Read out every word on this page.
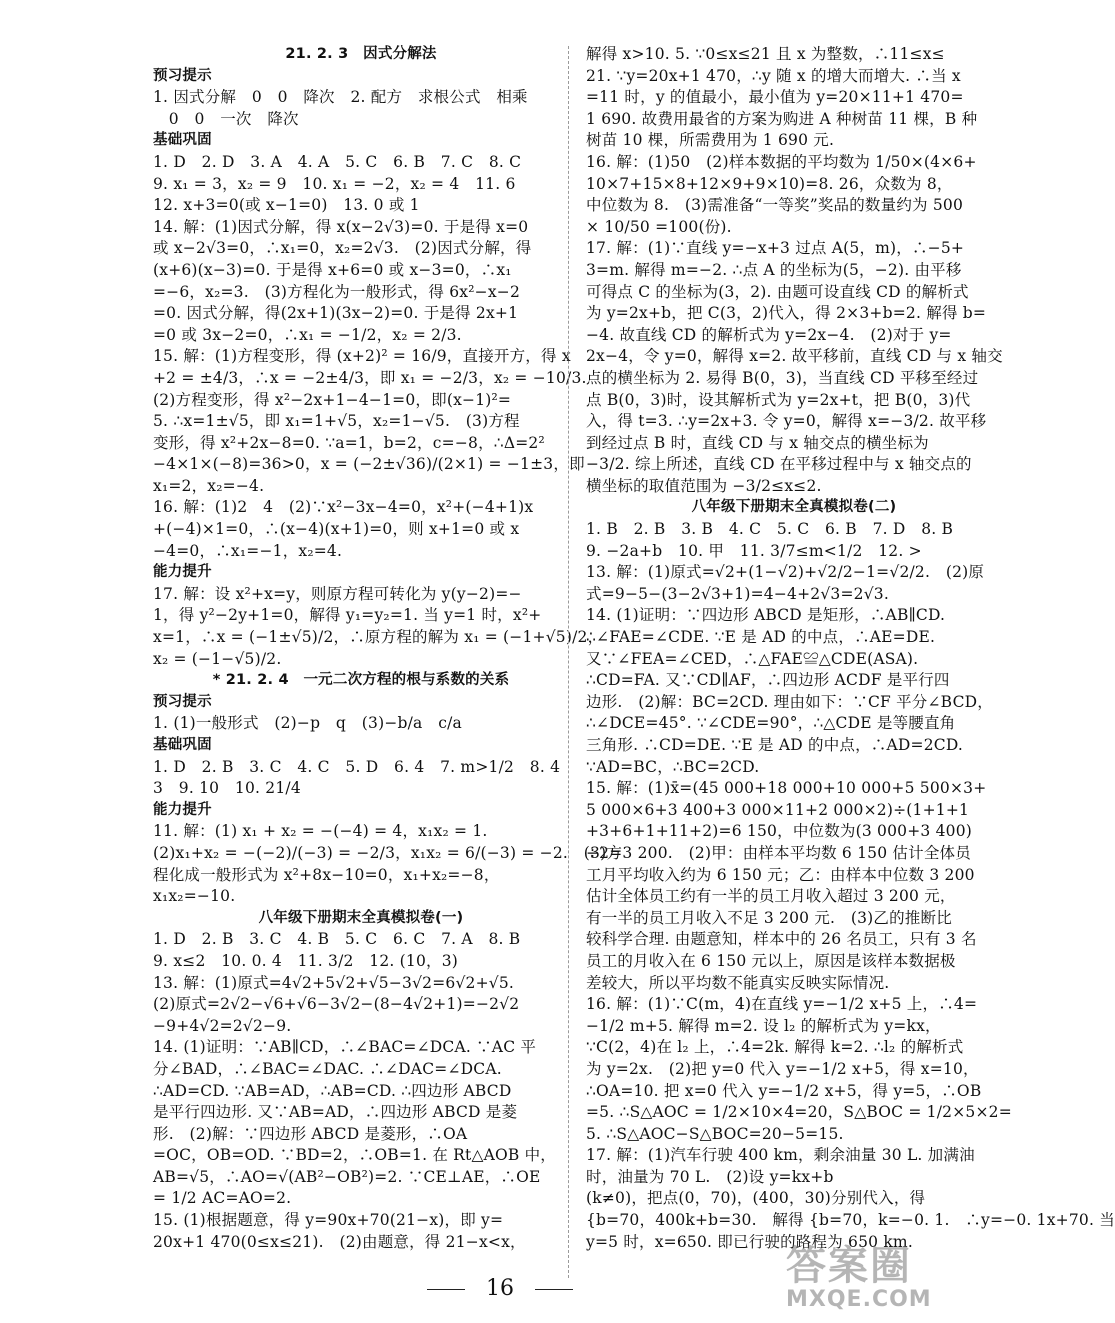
21. 2. 3　因式分解法
预习提示
1. 因式分解　0　0　降次　2. 配方　求根公式　相乘
　0　0　一次　降次
基础巩固
1. D　2. D　3. A　4. A　5. C　6. B　7. C　8. C
9. x₁ = 3，x₂ = 9　10. x₁ = −2，x₂ = 4　11. 6
12. x+3=0(或 x−1=0)　13. 0 或 1
14. 解：(1)因式分解，得 x(x−2√3)=0. 于是得 x=0
或 x−2√3=0，∴x₁=0，x₂=2√3.　(2)因式分解，得
(x+6)(x−3)=0. 于是得 x+6=0 或 x−3=0，∴x₁
=−6，x₂=3.　(3)方程化为一般形式，得 6x²−x−2
=0. 因式分解，得(2x+1)(3x−2)=0. 于是得 2x+1
=0 或 3x−2=0，∴x₁ = −1/2，x₂ = 2/3.
15. 解：(1)方程变形，得 (x+2)² = 16/9，直接开方，得 x
+2 = ±4/3，∴x = −2±4/3，即 x₁ = −2/3，x₂ = −10/3.
(2)方程变形，得 x²−2x+1−4−1=0，即(x−1)²=
5. ∴x=1±√5，即 x₁=1+√5，x₂=1−√5.　(3)方程
变形，得 x²+2x−8=0. ∵a=1，b=2，c=−8，∴Δ=2²
−4×1×(−8)=36>0，x = (−2±√36)/(2×1) = −1±3，即
x₁=2，x₂=−4.
16. 解：(1)2　4　(2)∵x²−3x−4=0，x²+(−4+1)x
+(−4)×1=0，∴(x−4)(x+1)=0，则 x+1=0 或 x
−4=0，∴x₁=−1，x₂=4.
能力提升
17. 解：设 x²+x=y，则原方程可转化为 y(y−2)=−
1，得 y²−2y+1=0，解得 y₁=y₂=1. 当 y=1 时，x²+
x=1，∴x = (−1±√5)/2，∴原方程的解为 x₁ = (−1+√5)/2，
x₂ = (−1−√5)/2.
* 21. 2. 4　一元二次方程的根与系数的关系
预习提示
1. (1)一般形式　(2)−p　q　(3)−b/a　c/a
基础巩固
1. D　2. B　3. C　4. C　5. D　6. 4　7. m>1/2　8. 4
3　9. 10　10. 21/4
能力提升
11. 解：(1) x₁ + x₂ = −(−4) = 4，x₁x₂ = 1.
(2)x₁+x₂ = −(−2)/(−3) = −2/3，x₁x₂ = 6/(−3) = −2.　(3)方
程化成一般形式为 x²+8x−10=0，x₁+x₂=−8，
x₁x₂=−10.
八年级下册期末全真模拟卷(一)
1. D　2. B　3. C　4. B　5. C　6. C　7. A　8. B
9. x≤2　10. 0. 4　11. 3/2　12. (10，3)
13. 解：(1)原式=4√2+5√2+√5−3√2=6√2+√5.
(2)原式=2√2−√6+√6−3√2−(8−4√2+1)=−2√2
−9+4√2=2√2−9.
14. (1)证明：∵AB∥CD，∴∠BAC=∠DCA. ∵AC 平
分∠BAD，∴∠BAC=∠DAC. ∴∠DAC=∠DCA.
∴AD=CD. ∵AB=AD，∴AB=CD. ∴四边形 ABCD
是平行四边形. 又∵AB=AD，∴四边形 ABCD 是菱
形.　(2)解：∵四边形 ABCD 是菱形，∴OA
=OC，OB=OD. ∵BD=2，∴OB=1. 在 Rt△AOB 中，
AB=√5，∴AO=√(AB²−OB²)=2. ∵CE⊥AE，∴OE
= 1/2 AC=AO=2.
15. (1)根据题意，得 y=90x+70(21−x)，即 y=
20x+1 470(0≤x≤21).　(2)由题意，得 21−x<x，
解得 x>10. 5. ∵0≤x≤21 且 x 为整数，∴11≤x≤
21. ∵y=20x+1 470，∴y 随 x 的增大而增大. ∴当 x
=11 时，y 的值最小，最小值为 y=20×11+1 470=
1 690. 故费用最省的方案为购进 A 种树苗 11 棵，B 种
树苗 10 棵，所需费用为 1 690 元.
16. 解：(1)50　(2)样本数据的平均数为 1/50×(4×6+
10×7+15×8+12×9+9×10)=8. 26，众数为 8，
中位数为 8.　(3)需准备“一等奖”奖品的数量约为 500
× 10/50 =100(份).
17. 解：(1)∵直线 y=−x+3 过点 A(5，m)，∴−5+
3=m. 解得 m=−2. ∴点 A 的坐标为(5，−2). 由平移
可得点 C 的坐标为(3，2). 由题可设直线 CD 的解析式
为 y=2x+b，把 C(3，2)代入，得 2×3+b=2. 解得 b=
−4. 故直线 CD 的解析式为 y=2x−4.　(2)对于 y=
2x−4，令 y=0，解得 x=2. 故平移前，直线 CD 与 x 轴交
点的横坐标为 2. 易得 B(0，3)，当直线 CD 平移至经过
点 B(0，3)时，设其解析式为 y=2x+t，把 B(0，3)代
入，得 t=3. ∴y=2x+3. 令 y=0，解得 x=−3/2. 故平移
到经过点 B 时，直线 CD 与 x 轴交点的横坐标为
−3/2. 综上所述，直线 CD 在平移过程中与 x 轴交点的
横坐标的取值范围为 −3/2≤x≤2.
八年级下册期末全真模拟卷(二)
1. B　2. B　3. B　4. C　5. C　6. B　7. D　8. B
9. −2a+b　10. 甲　11. 3/7≤m<1/2　12. >
13. 解：(1)原式=√2+(1−√2)+√2/2−1=√2/2.　(2)原
式=9−5−(3−2√3+1)=4−4+2√3=2√3.
14. (1)证明：∵四边形 ABCD 是矩形，∴AB∥CD.
∴∠FAE=∠CDE. ∵E 是 AD 的中点，∴AE=DE.
又∵∠FEA=∠CED，∴△FAE≌△CDE(ASA).
∴CD=FA. 又∵CD∥AF，∴四边形 ACDF 是平行四
边形.　(2)解：BC=2CD. 理由如下：∵CF 平分∠BCD，
∴∠DCE=45°. ∵∠CDE=90°，∴△CDE 是等腰直角
三角形. ∴CD=DE. ∵E 是 AD 的中点，∴AD=2CD.
∵AD=BC，∴BC=2CD.
15. 解：(1)x̄=(45 000+18 000+10 000+5 500×3+
5 000×6+3 400+3 000×11+2 000×2)÷(1+1+1
+3+6+1+11+2)=6 150，中位数为(3 000+3 400)
÷2=3 200.　(2)甲：由样本平均数 6 150 估计全体员
工月平均收入约为 6 150 元；乙：由样本中位数 3 200
估计全体员工约有一半的员工月收入超过 3 200 元，
有一半的员工月收入不足 3 200 元.　(3)乙的推断比
较科学合理. 由题意知，样本中的 26 名员工，只有 3 名
员工的月收入在 6 150 元以上，原因是该样本数据极
差较大，所以平均数不能真实反映实际情况.
16. 解：(1)∵C(m，4)在直线 y=−1/2 x+5 上，∴4=
−1/2 m+5. 解得 m=2. 设 l₂ 的解析式为 y=kx，
∵C(2，4)在 l₂ 上，∴4=2k. 解得 k=2. ∴l₂ 的解析式
为 y=2x.　(2)把 y=0 代入 y=−1/2 x+5，得 x=10，
∴OA=10. 把 x=0 代入 y=−1/2 x+5，得 y=5，∴OB
=5. ∴S△AOC = 1/2×10×4=20，S△BOC = 1/2×5×2=
5. ∴S△AOC−S△BOC=20−5=15.
17. 解：(1)汽车行驶 400 km，剩余油量 30 L. 加满油
时，油量为 70 L.　(2)设 y=kx+b
(k≠0)，把点(0，70)，(400，30)分别代入，得
{b=70，400k+b=30.　解得 {b=70，k=−0. 1.　∴y=−0. 1x+70. 当
y=5 时，x=650. 即已行驶的路程为 650 km.
16	答案圈
MXQE.COM
